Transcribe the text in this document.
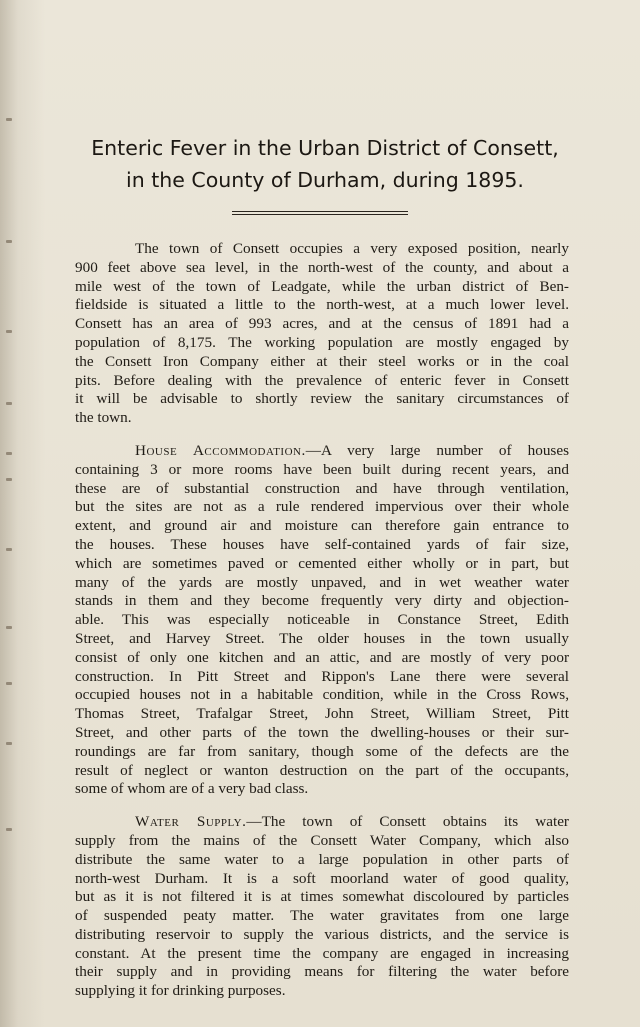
Enteric Fever in the Urban District of Consett,
in the County of Durham, during 1895.

The town of Consett occupies a very exposed position, nearly
900 feet above sea level, in the north-west of the county, and about a
mile west of the town of Leadgate, while the urban district of Ben-
fieldside is situated a little to the north-west, at a much lower level.
Consett has an area of 993 acres, and at the census of 1891 had a
population of 8,175. The working population are mostly engaged by
the Consett Iron Company either at their steel works or in the coal
pits. Before dealing with the prevalence of enteric fever in Consett
it will be advisable to shortly review the sanitary circumstances of
the town.

House Accommodation.—A very large number of houses
containing 3 or more rooms have been built during recent years, and
these are of substantial construction and have through ventilation,
but the sites are not as a rule rendered impervious over their whole
extent, and ground air and moisture can therefore gain entrance to
the houses. These houses have self-contained yards of fair size,
which are sometimes paved or cemented either wholly or in part, but
many of the yards are mostly unpaved, and in wet weather water
stands in them and they become frequently very dirty and objection-
able. This was especially noticeable in Constance Street, Edith
Street, and Harvey Street. The older houses in the town usually
consist of only one kitchen and an attic, and are mostly of very poor
construction. In Pitt Street and Rippon's Lane there were several
occupied houses not in a habitable condition, while in the Cross Rows,
Thomas Street, Trafalgar Street, John Street, William Street, Pitt
Street, and other parts of the town the dwelling-houses or their sur-
roundings are far from sanitary, though some of the defects are the
result of neglect or wanton destruction on the part of the occupants,
some of whom are of a very bad class.

Water Supply.—The town of Consett obtains its water
supply from the mains of the Consett Water Company, which also
distribute the same water to a large population in other parts of
north-west Durham. It is a soft moorland water of good quality,
but as it is not filtered it is at times somewhat discoloured by particles
of suspended peaty matter. The water gravitates from one large
distributing reservoir to supply the various districts, and the service is
constant. At the present time the company are engaged in increasing
their supply and in providing means for filtering the water before
supplying it for drinking purposes.
